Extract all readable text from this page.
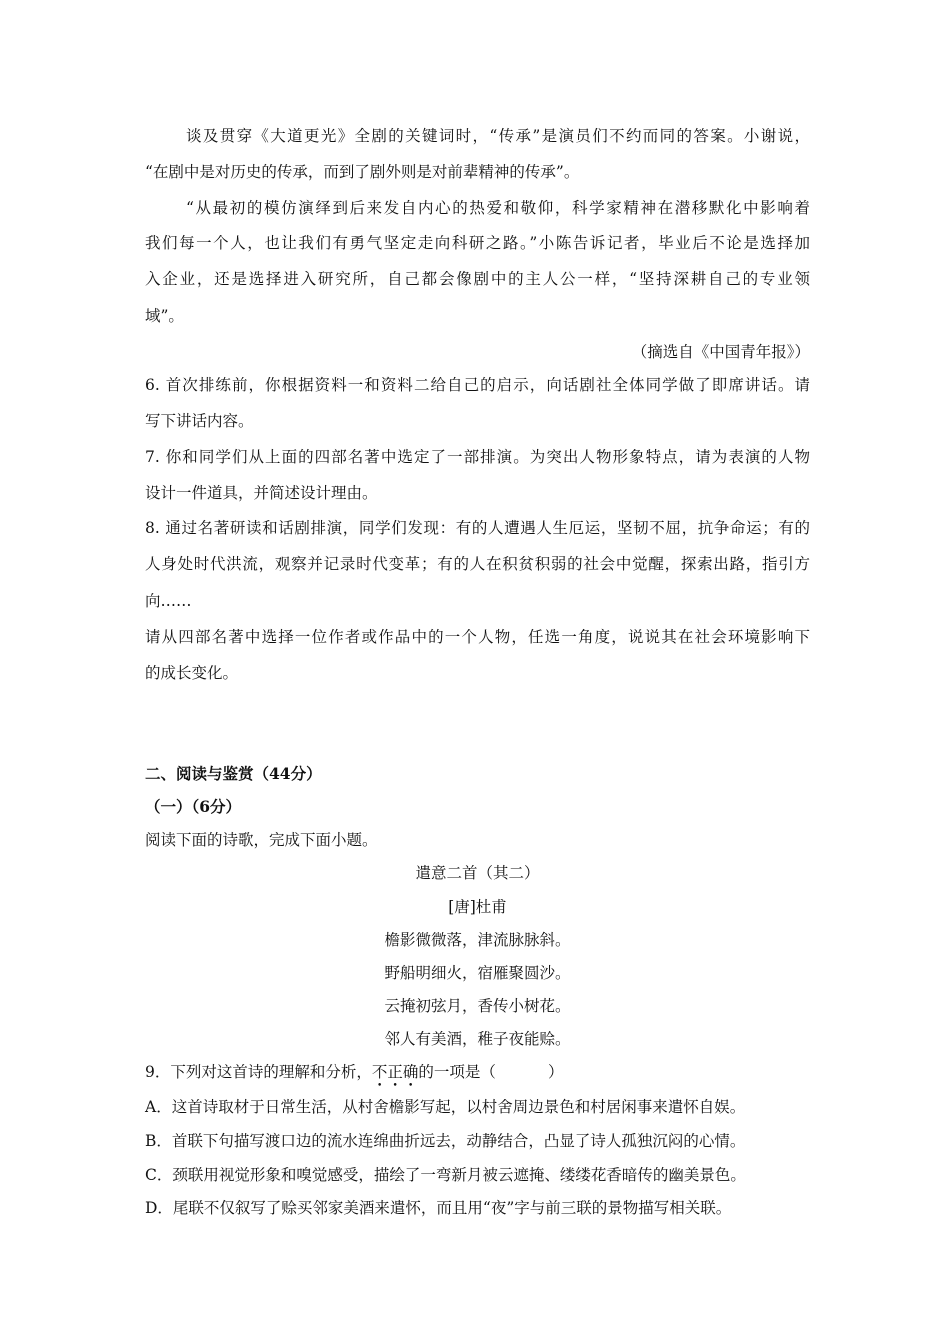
谈及贯穿《大道更光》全剧的关键词时，“传承”是演员们不约而同的答案。小谢说，
“在剧中是对历史的传承，而到了剧外则是对前辈精神的传承”。
“从最初的模仿演绎到后来发自内心的热爱和敬仰，科学家精神在潜移默化中影响着
我们每一个人，也让我们有勇气坚定走向科研之路。”小陈告诉记者，毕业后不论是选择加
入企业，还是选择进入研究所，自己都会像剧中的主人公一样，“坚持深耕自己的专业领
域”。
（摘选自《中国青年报》）
6. 首次排练前，你根据资料一和资料二给自己的启示，向话剧社全体同学做了即席讲话。请
写下讲话内容。
7. 你和同学们从上面的四部名著中选定了一部排演。为突出人物形象特点，请为表演的人物
设计一件道具，并简述设计理由。
8. 通过名著研读和话剧排演，同学们发现：有的人遭遇人生厄运，坚韧不屈，抗争命运；有的
人身处时代洪流，观察并记录时代变革；有的人在积贫积弱的社会中觉醒，探索出路，指引方
向……
请从四部名著中选择一位作者或作品中的一个人物，任选一角度，说说其在社会环境影响下
的成长变化。
二、阅读与鉴赏（44分）
（一）（6分）
阅读下面的诗歌，完成下面小题。
遣意二首（其二）
[唐]杜甫
檐影微微落，津流脉脉斜。
野船明细火，宿雁聚圆沙。
云掩初弦月，香传小树花。
邻人有美酒，稚子夜能赊。
9．下列对这首诗的理解和分析，不正确的一项是（	）
A．这首诗取材于日常生活，从村舍檐影写起，以村舍周边景色和村居闲事来遣怀自娱。
B．首联下句描写渡口边的流水连绵曲折远去，动静结合，凸显了诗人孤独沉闷的心情。
C．颈联用视觉形象和嗅觉感受，描绘了一弯新月被云遮掩、缕缕花香暗传的幽美景色。
D．尾联不仅叙写了赊买邻家美酒来遣怀，而且用“夜”字与前三联的景物描写相关联。
